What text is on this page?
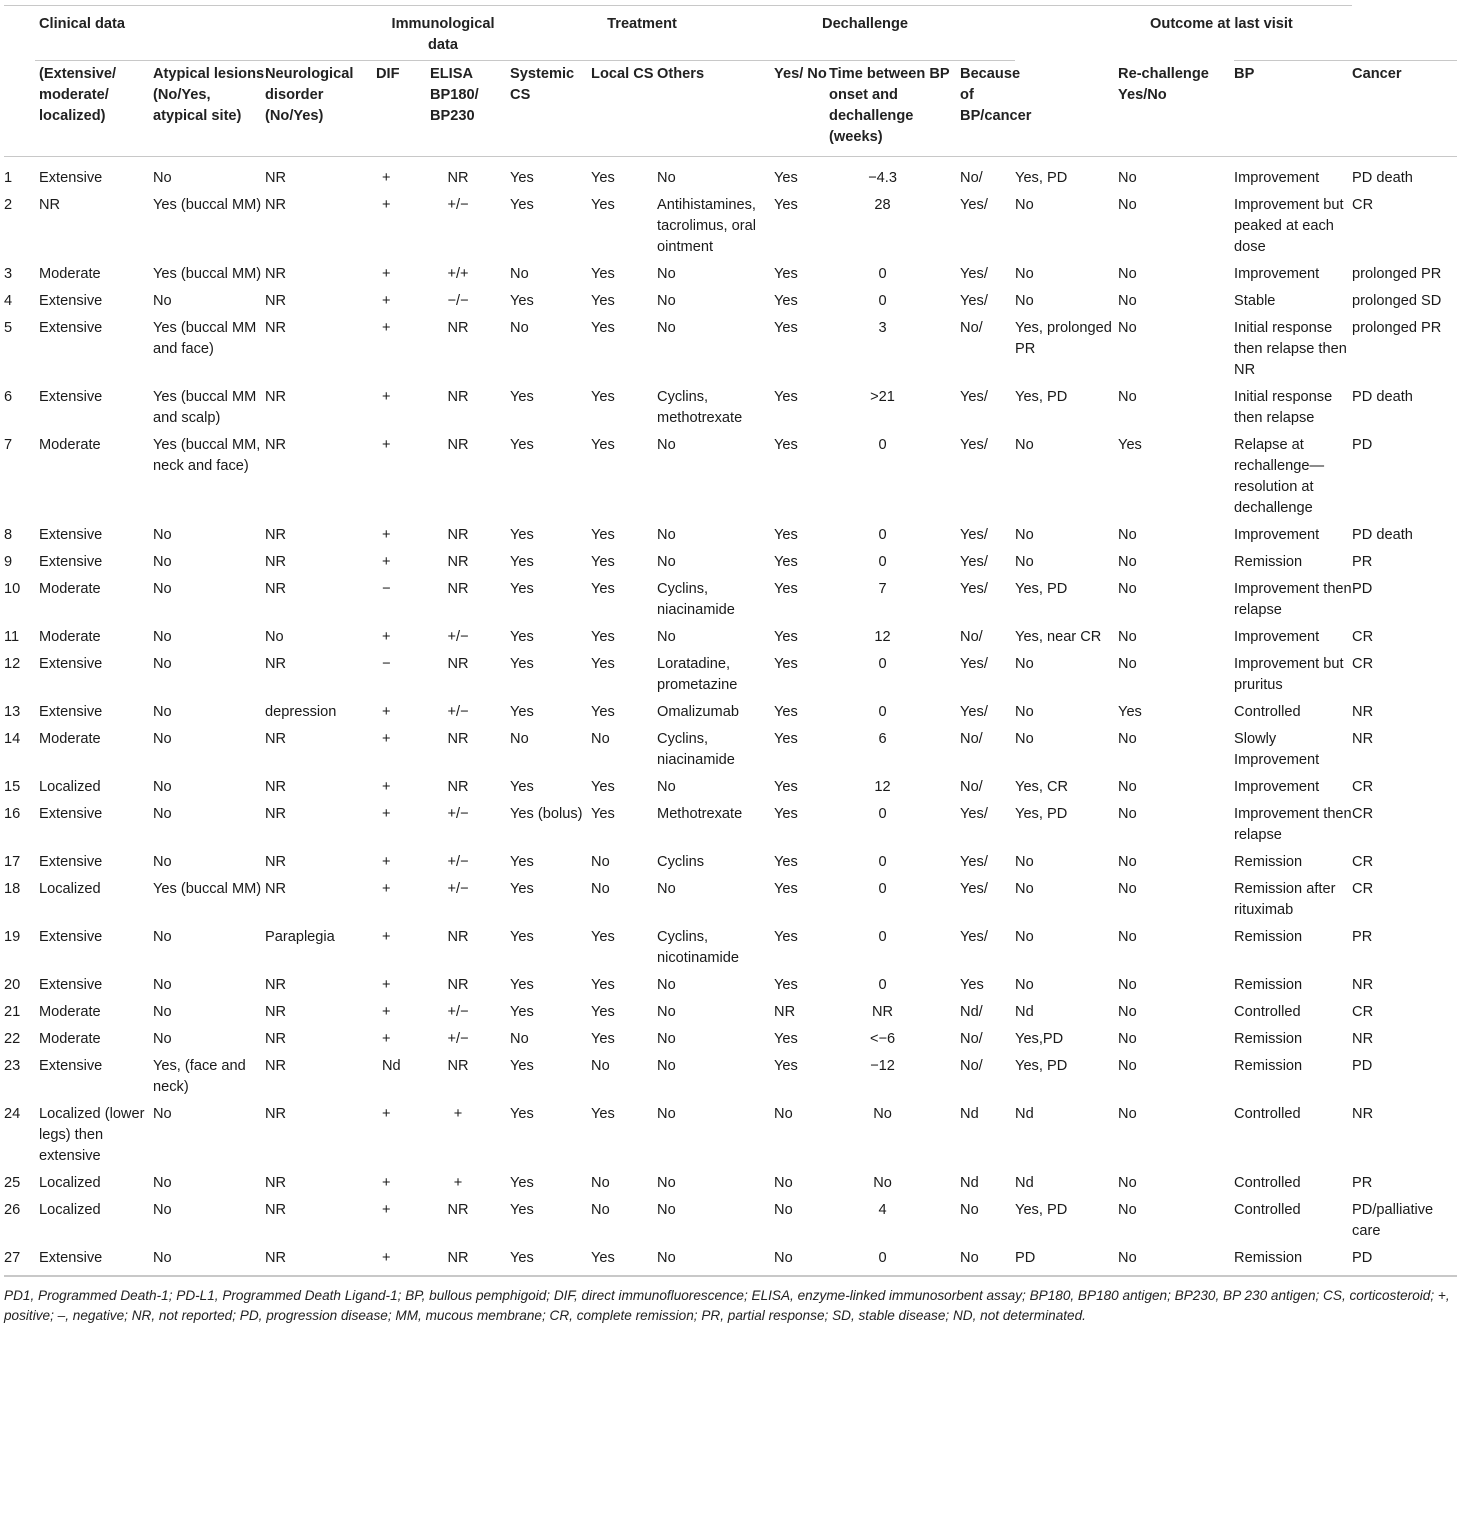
	Clinical data			Immunological data		Treatment			Dechallenge				Outcome at last visit		
	(Extensive/ moderate/ localized)	Atypical lesions (No/Yes, atypical site)	Neurological disorder (No/Yes)	DIF	ELISA BP180/ BP230	Systemic CS	Local CS	Others	Yes/ No	Time between BP onset and dechallenge (weeks)	Because of BP/cancer		Re-challenge Yes/No	BP	Cancer
1	Extensive	No	NR	+	NR	Yes	Yes	No	Yes	−4.3	No/	Yes, PD	No	Improvement	PD death
2	NR	Yes (buccal MM)	NR	+	+/−	Yes	Yes	Antihistamines, tacrolimus, oral ointment	Yes	28	Yes/	No	No	Improvement but peaked at each dose	CR
3	Moderate	Yes (buccal MM)	NR	+	+/+	No	Yes	No	Yes	0	Yes/	No	No	Improvement	prolonged PR
4	Extensive	No	NR	+	−/−	Yes	Yes	No	Yes	0	Yes/	No	No	Stable	prolonged SD
5	Extensive	Yes (buccal MM and face)	NR	+	NR	No	Yes	No	Yes	3	No/	Yes, prolonged PR	No	Initial response then relapse then NR	prolonged PR
6	Extensive	Yes (buccal MM and scalp)	NR	+	NR	Yes	Yes	Cyclins, methotrexate	Yes	>21	Yes/	Yes, PD	No	Initial response then relapse	PD death
7	Moderate	Yes (buccal MM, neck and face)	NR	+	NR	Yes	Yes	No	Yes	0	Yes/	No	Yes	Relapse at rechallenge—resolution at dechallenge	PD
8	Extensive	No	NR	+	NR	Yes	Yes	No	Yes	0	Yes/	No	No	Improvement	PD death
9	Extensive	No	NR	+	NR	Yes	Yes	No	Yes	0	Yes/	No	No	Remission	PR
10	Moderate	No	NR	−	NR	Yes	Yes	Cyclins, niacinamide	Yes	7	Yes/	Yes, PD	No	Improvement then relapse	PD
11	Moderate	No	No	+	+/−	Yes	Yes	No	Yes	12	No/	Yes, near CR	No	Improvement	CR
12	Extensive	No	NR	−	NR	Yes	Yes	Loratadine, prometazine	Yes	0	Yes/	No	No	Improvement but pruritus	CR
13	Extensive	No	depression	+	+/−	Yes	Yes	Omalizumab	Yes	0	Yes/	No	Yes	Controlled	NR
14	Moderate	No	NR	+	NR	No	No	Cyclins, niacinamide	Yes	6	No/	No	No	Slowly Improvement	NR
15	Localized	No	NR	+	NR	Yes	Yes	No	Yes	12	No/	Yes, CR	No	Improvement	CR
16	Extensive	No	NR	+	+/−	Yes (bolus)	Yes	Methotrexate	Yes	0	Yes/	Yes, PD	No	Improvement then relapse	CR
17	Extensive	No	NR	+	+/−	Yes	No	Cyclins	Yes	0	Yes/	No	No	Remission	CR
18	Localized	Yes (buccal MM)	NR	+	+/−	Yes	No	No	Yes	0	Yes/	No	No	Remission after rituximab	CR
19	Extensive	No	Paraplegia	+	NR	Yes	Yes	Cyclins, nicotinamide	Yes	0	Yes/	No	No	Remission	PR
20	Extensive	No	NR	+	NR	Yes	Yes	No	Yes	0	Yes	No	No	Remission	NR
21	Moderate	No	NR	+	+/−	Yes	Yes	No	NR	NR	Nd/	Nd	No	Controlled	CR
22	Moderate	No	NR	+	+/−	No	Yes	No	Yes	<−6	No/	Yes,PD	No	Remission	NR
23	Extensive	Yes, (face and neck)	NR	Nd	NR	Yes	No	No	Yes	−12	No/	Yes, PD	No	Remission	PD
24	Localized (lower legs) then extensive	No	NR	+	+	Yes	Yes	No	No	No	Nd	Nd	No	Controlled	NR
25	Localized	No	NR	+	+	Yes	No	No	No	No	Nd	Nd	No	Controlled	PR
26	Localized	No	NR	+	NR	Yes	No	No	No	4	No	Yes, PD	No	Controlled	PD/palliative care
27	Extensive	No	NR	+	NR	Yes	Yes	No	No	0	No	PD	No	Remission	PD
PD1, Programmed Death-1; PD-L1, Programmed Death Ligand-1; BP, bullous pemphigoid; DIF, direct immunofluorescence; ELISA, enzyme-linked immunosorbent assay; BP180, BP180 antigen; BP230, BP 230 antigen; CS, corticosteroid; +, positive; –, negative; NR, not reported; PD, progression disease; MM, mucous membrane; CR, complete remission; PR, partial response; SD, stable disease; ND, not determinated.
